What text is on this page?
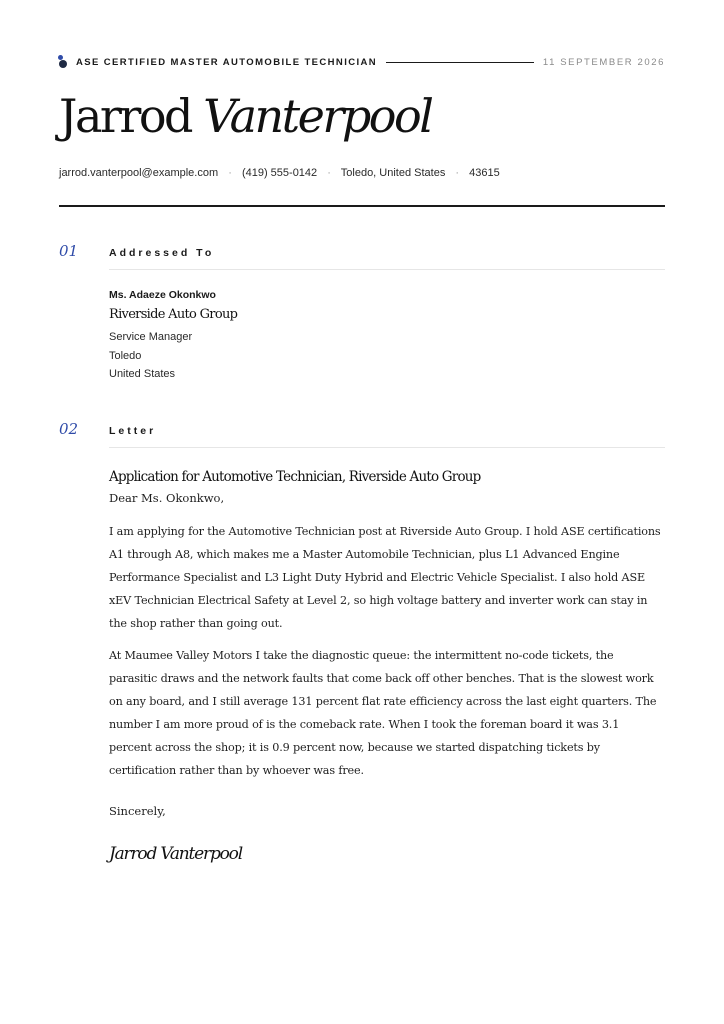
ASE CERTIFIED MASTER AUTOMOBILE TECHNICIAN	11 SEPTEMBER 2026
Jarrod Vanterpool
jarrod.vanterpool@example.com · (419) 555-0142 · Toledo, United States · 43615
01	Addressed To
Ms. Adaeze Okonkwo
Riverside Auto Group
Service Manager
Toledo
United States
02	Letter

Application for Automotive Technician, Riverside Auto Group

Dear Ms. Okonkwo,

I am applying for the Automotive Technician post at Riverside Auto Group. I hold ASE certifications A1 through A8, which makes me a Master Automobile Technician, plus L1 Advanced Engine Performance Specialist and L3 Light Duty Hybrid and Electric Vehicle Specialist. I also hold ASE xEV Technician Electrical Safety at Level 2, so high voltage battery and inverter work can stay in the shop rather than going out.

At Maumee Valley Motors I take the diagnostic queue: the intermittent no-code tickets, the parasitic draws and the network faults that come back off other benches. That is the slowest work on any board, and I still average 131 percent flat rate efficiency across the last eight quarters. The number I am more proud of is the comeback rate. When I took the foreman board it was 3.1 percent across the shop; it is 0.9 percent now, because we started dispatching tickets by certification rather than by whoever was free.

Sincerely,

Jarrod Vanterpool
